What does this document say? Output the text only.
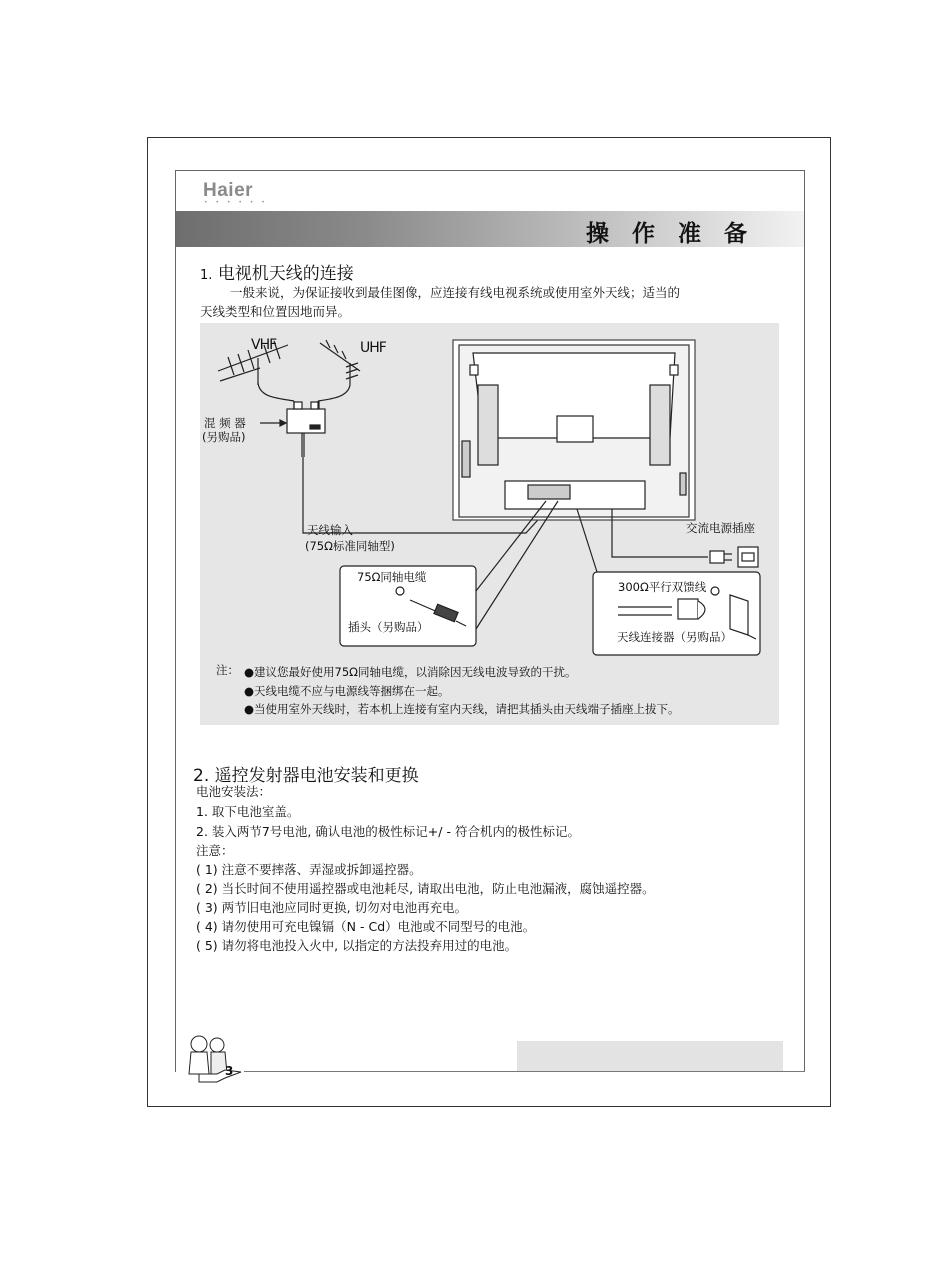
Haier
• • • • • •
操作准备
1. 电视机天线的连接
一般来说，为保证接收到最佳图像，应连接有线电视系统或使用室外天线；适当的
天线类型和位置因地而异。
VHF	UHF
混 频 器
(另购品)
天线输入
(75Ω标准同轴型)
交流电源插座
75Ω同轴电缆
插头（另购品）
300Ω平行双馈线
天线连接器（另购品）
注： ●建议您最好使用75Ω同轴电缆，以消除因无线电波导致的干扰。
●天线电缆不应与电源线等捆绑在一起。
●当使用室外天线时，若本机上连接有室内天线，请把其插头由天线端子插座上拔下。
2. 遥控发射器电池安装和更换
电池安装法：
1. 取下电池室盖。
2. 装入两节7号电池, 确认电池的极性标记+/ - 符合机内的极性标记。
注意：
( 1) 注意不要摔落、弄湿或拆卸遥控器。
( 2) 当长时间不使用遥控器或电池耗尽, 请取出电池，防止电池漏液，腐蚀遥控器。
( 3) 两节旧电池应同时更换, 切勿对电池再充电。
( 4) 请勿使用可充电镍镉（N - Cd）电池或不同型号的电池。
( 5) 请勿将电池投入火中, 以指定的方法投弃用过的电池。
3
